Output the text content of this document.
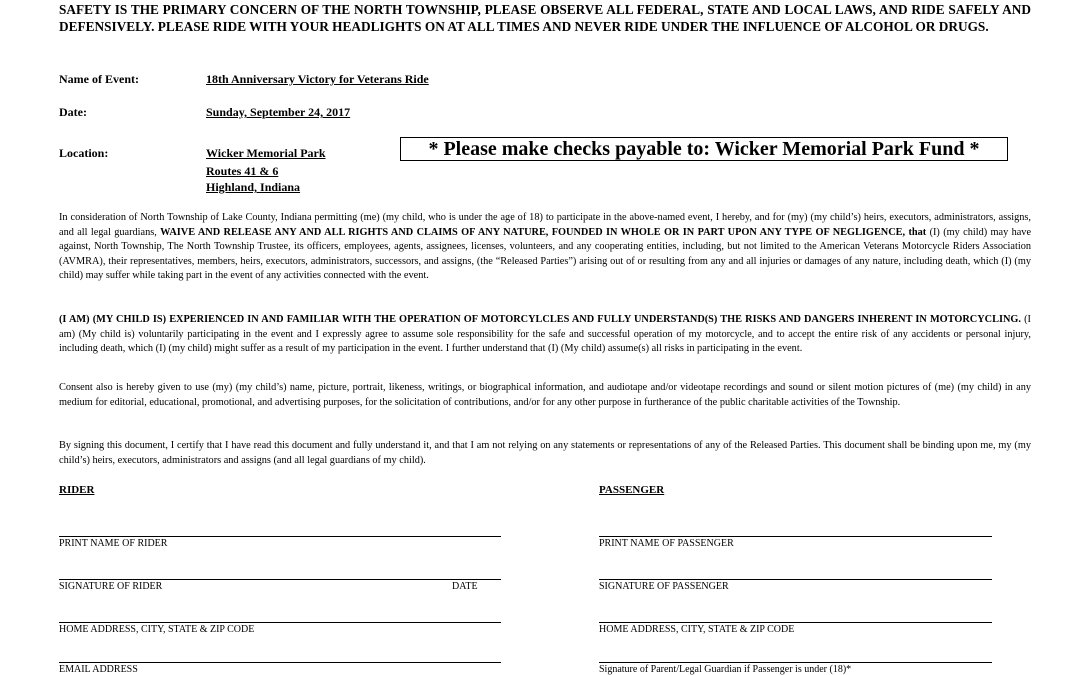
SAFETY IS THE PRIMARY CONCERN OF THE NORTH TOWNSHIP, PLEASE OBSERVE ALL FEDERAL, STATE AND LOCAL LAWS, AND RIDE SAFELY AND DEFENSIVELY. PLEASE RIDE WITH YOUR HEADLIGHTS ON AT ALL TIMES AND NEVER RIDE UNDER THE INFLUENCE OF ALCOHOL OR DRUGS.
Name of Event:	18th Anniversary Victory for Veterans Ride
Date:	Sunday, September 24, 2017
Location:	Wicker Memorial Park
Routes 41 & 6
Highland, Indiana
* Please make checks payable to: Wicker Memorial Park Fund *
In consideration of North Township of Lake County, Indiana permitting (me) (my child, who is under the age of 18) to participate in the above-named event, I hereby, and for (my) (my child’s) heirs, executors, administrators, assigns, and all legal guardians, WAIVE AND RELEASE ANY AND ALL RIGHTS AND CLAIMS OF ANY NATURE, FOUNDED IN WHOLE OR IN PART UPON ANY TYPE OF NEGLIGENCE, that (I) (my child) may have against, North Township, The North Township Trustee, its officers, employees, agents, assignees, licenses, volunteers, and any cooperating entities, including, but not limited to the American Veterans Motorcycle Riders Association (AVMRA), their representatives, members, heirs, executors, administrators, successors, and assigns, (the “Released Parties”) arising out of or resulting from any and all injuries or damages of any nature, including death, which (I) (my child) may suffer while taking part in the event of any activities connected with the event.
(I AM) (MY CHILD IS) EXPERIENCED IN AND FAMILIAR WITH THE OPERATION OF MOTORCYLCLES AND FULLY UNDERSTAND(S) THE RISKS AND DANGERS INHERENT IN MOTORCYCLING. (I am) (My child is) voluntarily participating in the event and I expressly agree to assume sole responsibility for the safe and successful operation of my motorcycle, and to accept the entire risk of any accidents or personal injury, including death, which (I) (my child) might suffer as a result of my participation in the event. I further understand that (I) (My child) assume(s) all risks in participating in the event.
Consent also is hereby given to use (my) (my child’s) name, picture, portrait, likeness, writings, or biographical information, and audiotape and/or videotape recordings and sound or silent motion pictures of (me) (my child) in any medium for editorial, educational, promotional, and advertising purposes, for the solicitation of contributions, and/or for any other purpose in furtherance of the public charitable activities of the Township.
By signing this document, I certify that I have read this document and fully understand it, and that I am not relying on any statements or representations of any of the Released Parties. This document shall be binding upon me, my (my child’s) heirs, executors, administrators and assigns (and all legal guardians of my child).
RIDER
PRINT NAME OF RIDER
SIGNATURE OF RIDER	DATE
HOME ADDRESS, CITY, STATE & ZIP CODE
EMAIL ADDRESS
PASSENGER
PRINT NAME OF PASSENGER
SIGNATURE OF PASSENGER
HOME ADDRESS, CITY, STATE & ZIP CODE
Signature of Parent/Legal Guardian if Passenger is under (18)*
